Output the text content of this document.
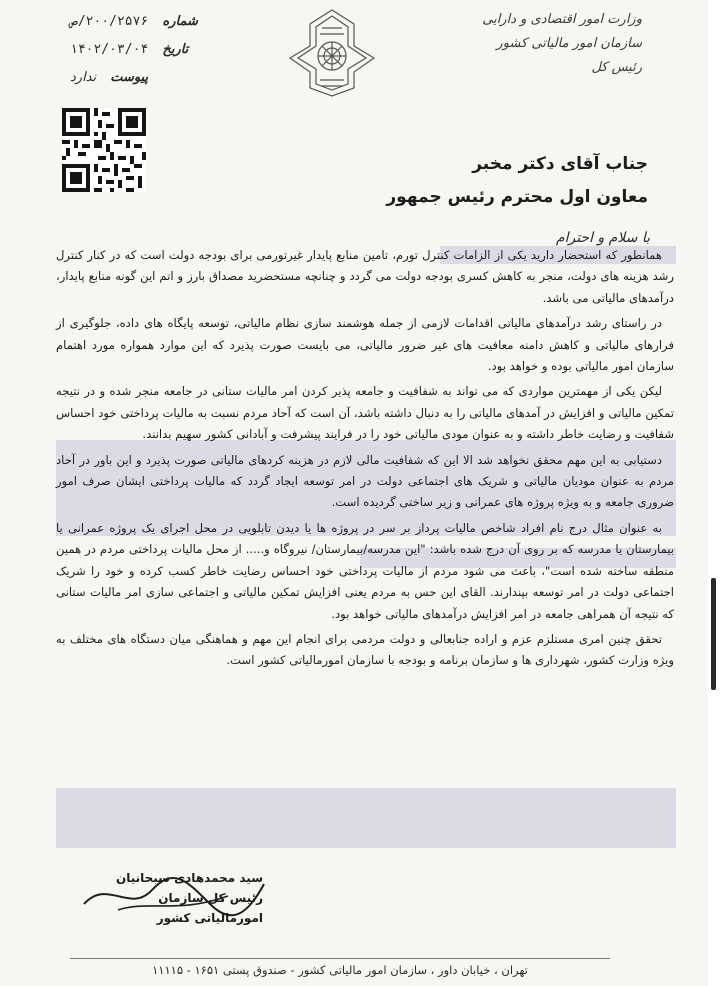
شماره ۲۰۰/۲۵۷۶/ص
تاریخ ۱۴۰۲/۰۳/۰۴
پیوست ندارد
وزارت امور اقتصادی و دارایی
سازمان امور مالیاتی کشور
رئیس کل
جناب آقای دکتر مخبر
معاون اول محترم رئیس جمهور
با سلام و احترام

همانطور که استحضار دارید یکی از الزامات کنترل تورم، تامین منابع پایدار غیرتورمی برای بودجه دولت است که در کنار کنترل رشد هزینه های دولت، منجر به کاهش کسری بودجه دولت می گردد و چنانچه مستحضرید مصداق بارز و اتم این گونه منابع پایدار، درآمدهای مالیاتی می باشد.

در راستای رشد درآمدهای مالیاتی اقدامات لازمی از جمله هوشمند سازی نظام مالیاتی، توسعه پایگاه های داده، جلوگیری از فرارهای مالیاتی و کاهش دامنه معافیت های غیر ضرور مالیاتی، می بایست صورت پذیرد که این موارد همواره مورد اهتمام سازمان امور مالیاتی بوده و خواهد بود.

لیکن یکی از مهمترین مواردی که می تواند به شفافیت و جامعه پذیر کردن امر مالیات ستانی در جامعه منجر شده و در نتیجه تمکین مالیاتی و افزایش در آمدهای مالیاتی را به دنبال داشته باشد، آن است که آحاد مردم نسبت به مالیات پرداختی خود احساس شفافیت و رضایت خاطر داشته و به عنوان مودی مالیاتی خود را در فرایند پیشرفت و آبادانی کشور سهیم بدانند.

دستیابی به این مهم محقق نخواهد شد الا این که شفافیت مالی لازم در هزینه کردهای مالیاتی صورت پذیرد و این باور در آحاد مردم به عنوان مودیان مالیاتی و شریک های اجتماعی دولت در امر توسعه ایجاد گردد که مالیات پرداختی ایشان صرف امور ضروری جامعه و به ویژه پروژه های عمرانی و زیر ساختی گردیده است.

به عنوان مثال درج نام افراد شاخص مالیات پرداز بر سر در پروژه ها یا دیدن تابلویی در محل اجرای یک پروژه عمرانی یا بیمارستان یا مدرسه که بر روی آن درج شده باشد: "این مدرسه/بیمارستان/ نیروگاه و..... از محل مالیات پرداختی مردم در همین منطقه ساخته شده است"، باعث می شود مردم از مالیات پرداختی خود احساس رضایت خاطر کسب کرده و خود را شریک اجتماعی دولت در امر توسعه بپندارند. القای این حس به مردم یعنی افزایش تمکین مالیاتی و اجتماعی سازی امر مالیات ستانی که نتیجه آن همراهی جامعه در امر افزایش درآمدهای مالیاتی خواهد بود.

تحقق چنین امری مستلزم عزم و اراده جنابعالی و دولت مردمی برای انجام این مهم و هماهنگی میان دستگاه های مختلف به ویژه وزارت کشور، شهرداری ها و سازمان برنامه و بودجه با سازمان امورمالیاتی کشور است.

سید محمدهادی سبحانیان
رئیس کل سازمان امورمالیاتی کشور
تهران ، خیابان داور ، سازمان امور مالیاتی کشور - صندوق پستی ۱۶۵۱ - ۱۱۱۱۵
